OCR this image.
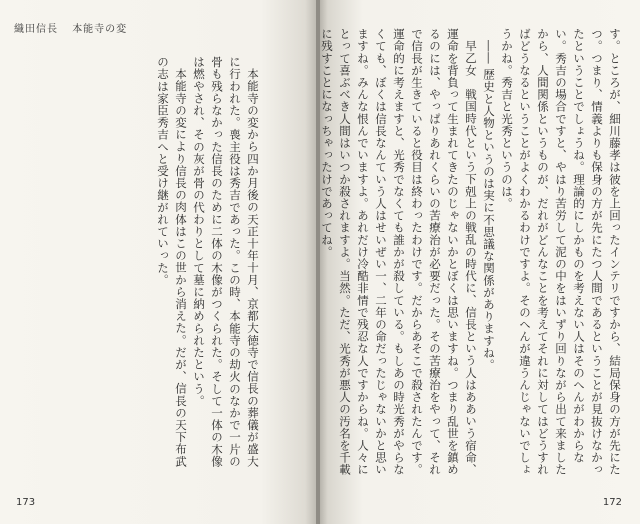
織田信長 本能寺の変

本能寺の変から四か月後の天正十年十月、京都大徳寺で信長の葬儀が盛大に行われた。喪主役は秀吉であった。この時、本能寺の劫火のなかで一片の骨も残らなかった信長のために二体の木像がつくられた。そして一体の木像は燃やされ、その灰が骨の代わりとして墓に納められたという。

本能寺の変により信長の肉体はこの世から消えた。だが、信長の天下布武の志は家臣秀吉へと受け継がれていった。

173

す。ところが、細川藤孝は彼を上回ったインテリですから、結局保身の方が先にたつ。つまり、情義よりも保身の方が先にたつ人間であるということが見抜けなかったということでしょうね。理論的にしかものを考えない人はそのへんがわからない。秀吉の場合ですと、やはり苦労して泥の中をはいずり回りながら出て来ましたから、人間関係というものが、だれがどんなことを考えてそれに対してはどうすればどうなるということがよくわかるわけですよ。そのへんが違うんじゃないでしょうかね。秀吉と光秀というのは。

―― 歴史と人物というのは実に不思議な関係がありますね。

早乙女　戦国時代という下剋上の戦乱の時代に、信長という人はああいう宿命、運命を背負って生まれてきたのじゃないかとぼくは思いますね。つまり乱世を鎮めるのには、やっぱりあれくらいの苦療治が必要だった。その苦療治をやって、それで信長が生きていると役目は終わったわけです。だからあそこで殺されたんです。運命的に考えますと、光秀でなくても誰かが殺している。もしあの時光秀がやらなくても、ぼくは信長なんていう人はせいぜい一、二年の命だったじゃないかと思いますね。みんな恨んでいますよ。あれだけ冷酷非情で残忍な人ですからね。人々にとって喜ぶべき人間はいつか殺されますよ。当然。ただ、光秀が悪人の汚名を千載に残すことになっちゃったけであってね。

172
